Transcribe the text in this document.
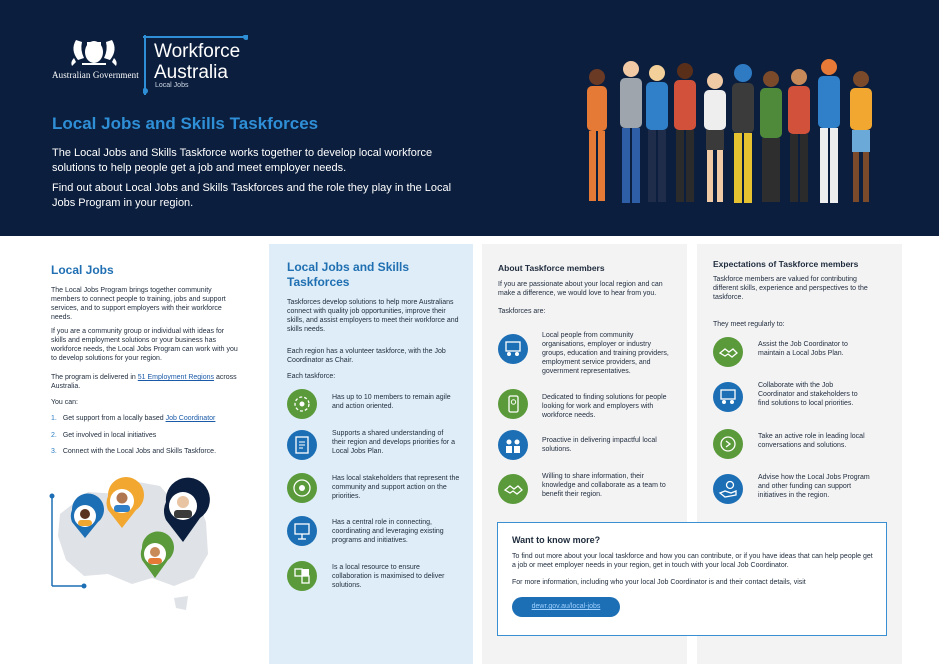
Australian Government
Workforce Australia
Local Jobs
Local Jobs and Skills Taskforces

The Local Jobs and Skills Taskforce works together to develop local workforce solutions to help people get a job and meet employer needs.

Find out about Local Jobs and Skills Taskforces and the role they play in the Local Jobs Program in your region.

Local Jobs

The Local Jobs Program brings together community members to connect people to training, jobs and support services, and to support employers with their workforce needs.

If you are a community group or individual with ideas for skills and employment solutions or your business has workforce needs, the Local Jobs Program can work with you to develop solutions for your region.

The program is delivered in 51 Employment Regions across Australia.

You can:

1. Get support from a locally based Job Coordinator

2. Get involved in local initiatives

3. Connect with the Local Jobs and Skills Taskforce.

Local Jobs and Skills Taskforces

Taskforces develop solutions to help more Australians connect with quality job opportunities, improve their skills, and assist employers to meet their workforce and skills needs.

Each region has a volunteer taskforce, with the Job Coordinator as Chair.

Each taskforce:

Has up to 10 members to remain agile and action oriented.

Supports a shared understanding of their region and develops priorities for a Local Jobs Plan.

Has local stakeholders that represent the community and support action on the priorities.

Has a central role in connecting, coordinating and leveraging existing programs and initiatives.

Is a local resource to ensure collaboration is maximised to deliver solutions.

About Taskforce members

If you are passionate about your local region and can make a difference, we would love to hear from you.

Taskforces are:

Local people from community organisations, employer or industry groups, education and training providers, employment service providers, and government representatives.

Dedicated to finding solutions for people looking for work and employers with workforce needs.

Proactive in delivering impactful local solutions.

Willing to share information, their knowledge and collaborate as a team to benefit their region.

Expectations of Taskforce members

Taskforce members are valued for contributing different skills, experience and perspectives to the taskforce.

They meet regularly to:

Assist the Job Coordinator to maintain a Local Jobs Plan.

Collaborate with the Job Coordinator and stakeholders to find solutions to local priorities.

Take an active role in leading local conversations and solutions.

Advise how the Local Jobs Program and other funding can support initiatives in the region.

Want to know more?

To find out more about your local taskforce and how you can contribute, or if you have ideas that can help people get a job or meet employer needs in your region, get in touch with your local Job Coordinator.

For more information, including who your local Job Coordinator is and their contact details, visit

dewr.gov.au/local-jobs
